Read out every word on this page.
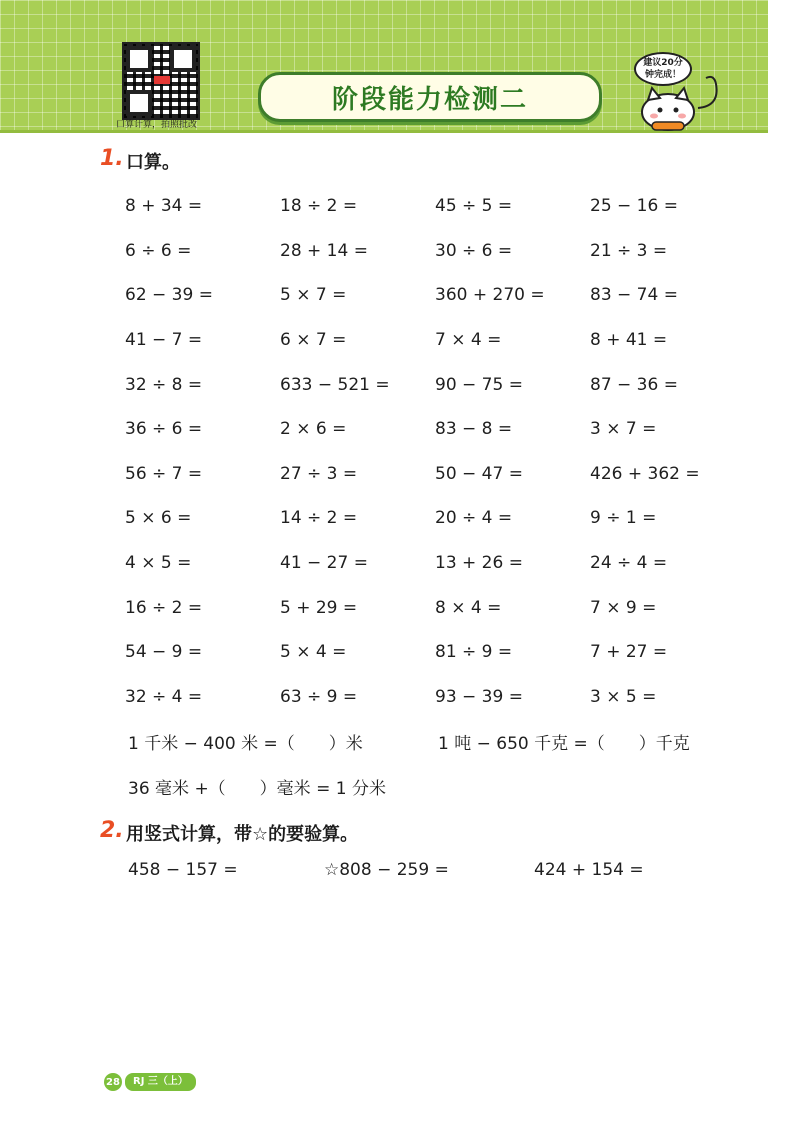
口算计算，拍照批改
阶段能力检测二
建议20分钟完成！
1. 口算。
8 + 34 =	18 ÷ 2 =	45 ÷ 5 =	25 − 16 =
6 ÷ 6 =	28 + 14 =	30 ÷ 6 =	21 ÷ 3 =
62 − 39 =	5 × 7 =	360 + 270 =	83 − 74 =
41 − 7 =	6 × 7 =	7 × 4 =	8 + 41 =
32 ÷ 8 =	633 − 521 =	90 − 75 =	87 − 36 =
36 ÷ 6 =	2 × 6 =	83 − 8 =	3 × 7 =
56 ÷ 7 =	27 ÷ 3 =	50 − 47 =	426 + 362 =
5 × 6 =	14 ÷ 2 =	20 ÷ 4 =	9 ÷ 1 =
4 × 5 =	41 − 27 =	13 + 26 =	24 ÷ 4 =
16 ÷ 2 =	5 + 29 =	8 × 4 =	7 × 9 =
54 − 9 =	5 × 4 =	81 ÷ 9 =	7 + 27 =
32 ÷ 4 =	63 ÷ 9 =	93 − 39 =	3 × 5 =
1 千米 − 400 米 =（　　）米	1 吨 − 650 千克 =（　　）千克
36 毫米 +（　　）毫米 = 1 分米
2. 用竖式计算，带☆的要验算。
458 − 157 =	☆808 − 259 =	424 + 154 =
28	RJ 三（上）
